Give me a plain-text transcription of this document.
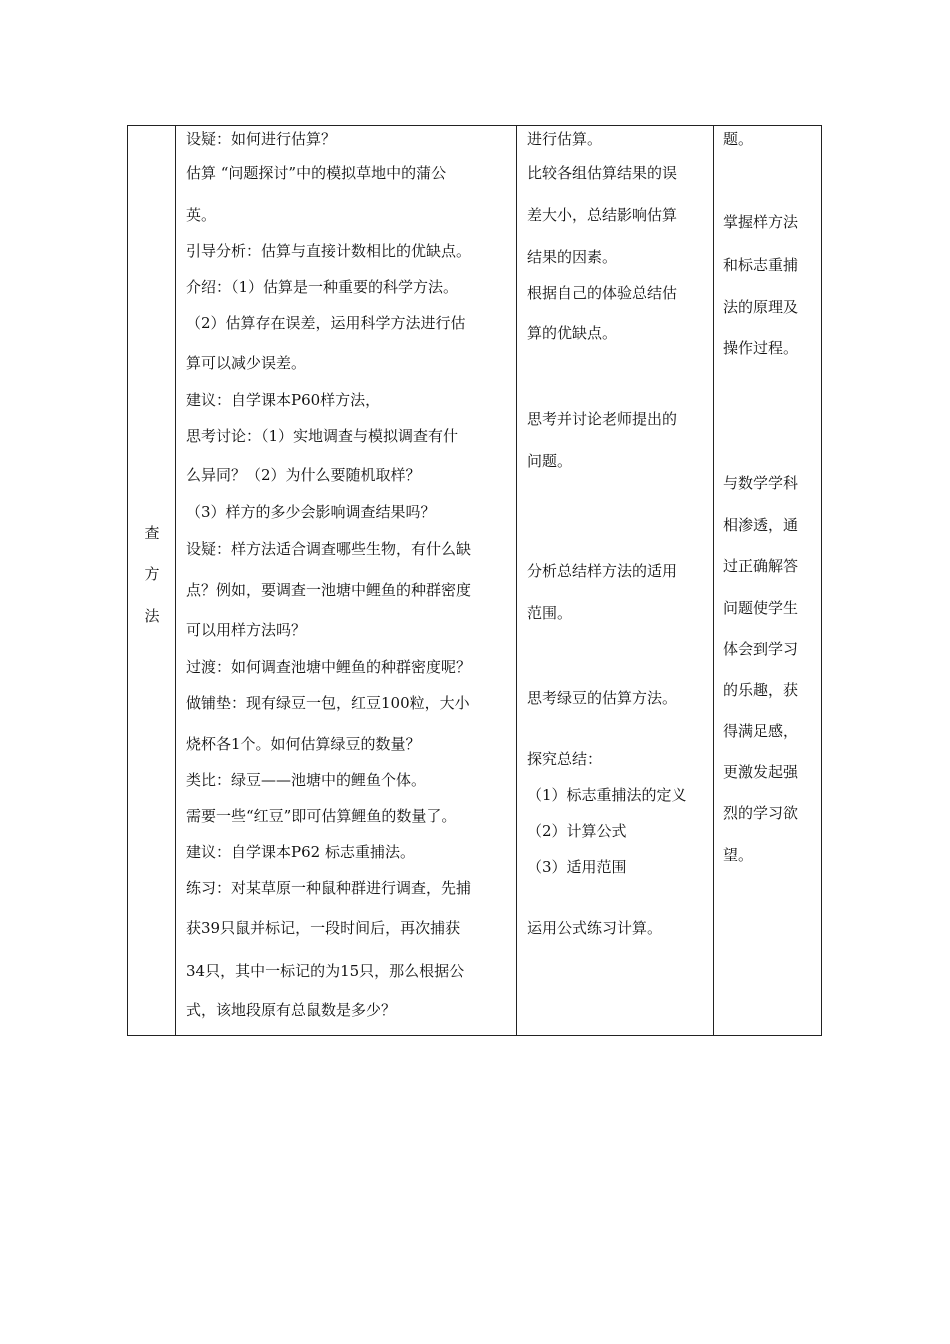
查
方
法
设疑：如何进行估算？
估算 “问题探讨”中的模拟草地中的蒲公
英。
引导分析：估算与直接计数相比的优缺点。
介绍：（1）估算是一种重要的科学方法。
（2）估算存在误差，运用科学方法进行估
算可以减少误差。
建议：自学课本P60样方法，
思考讨论：（1）实地调查与模拟调查有什
么异同？（2）为什么要随机取样？
（3）样方的多少会影响调查结果吗？
设疑：样方法适合调查哪些生物，有什么缺
点？例如，要调查一池塘中鲤鱼的种群密度
可以用样方法吗？
过渡：如何调查池塘中鲤鱼的种群密度呢？
做铺垫：现有绿豆一包，红豆100粒，大小
烧杯各1个。如何估算绿豆的数量？
类比：绿豆——池塘中的鲤鱼个体。
需要一些“红豆”即可估算鲤鱼的数量了。
建议：自学课本P62 标志重捕法。
练习：对某草原一种鼠种群进行调查，先捕
获39只鼠并标记，一段时间后，再次捕获
34只，其中一标记的为15只，那么根据公
式，该地段原有总鼠数是多少？
进行估算。
比较各组估算结果的误
差大小，总结影响估算
结果的因素。
根据自己的体验总结估
算的优缺点。
思考并讨论老师提出的
问题。
分析总结样方法的适用
范围。
思考绿豆的估算方法。
探究总结：
（1）标志重捕法的定义
（2）计算公式
（3）适用范围
运用公式练习计算。
题。
掌握样方法
和标志重捕
法的原理及
操作过程。
与数学学科
相渗透，通
过正确解答
问题使学生
体会到学习
的乐趣，获
得满足感，
更激发起强
烈的学习欲
望。
